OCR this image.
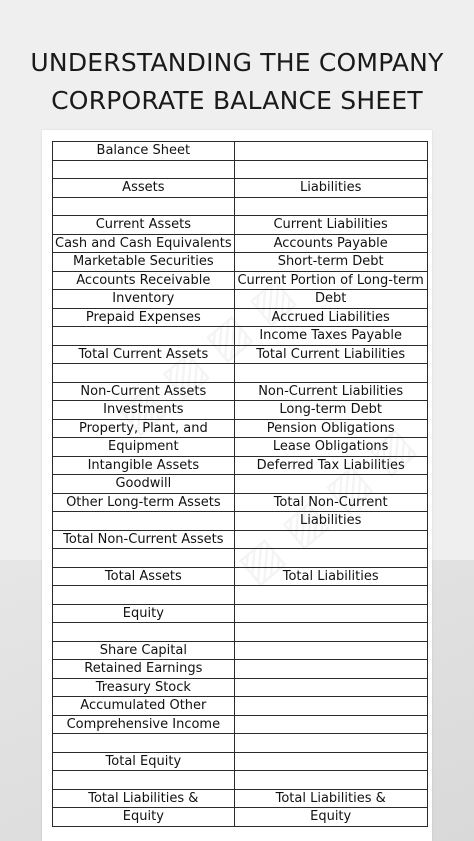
UNDERSTANDING THE COMPANY
CORPORATE BALANCE SHEET
Balance Sheet	

Assets	Liabilities

Current Assets	Current Liabilities
Cash and Cash Equivalents	Accounts Payable
Marketable Securities	Short-term Debt
Accounts Receivable	Current Portion of Long-term
Inventory	Debt
Prepaid Expenses	Accrued Liabilities
	Income Taxes Payable
Total Current Assets	Total Current Liabilities

Non-Current Assets	Non-Current Liabilities
Investments	Long-term Debt
Property, Plant, and	Pension Obligations
Equipment	Lease Obligations
Intangible Assets	Deferred Tax Liabilities
Goodwill	
Other Long-term Assets	Total Non-Current
	Liabilities
Total Non-Current Assets	

Total Assets	Total Liabilities

Equity	

Share Capital	
Retained Earnings	
Treasury Stock	
Accumulated Other	
Comprehensive Income	

Total Equity	

Total Liabilities &	Total Liabilities &
Equity	Equity
